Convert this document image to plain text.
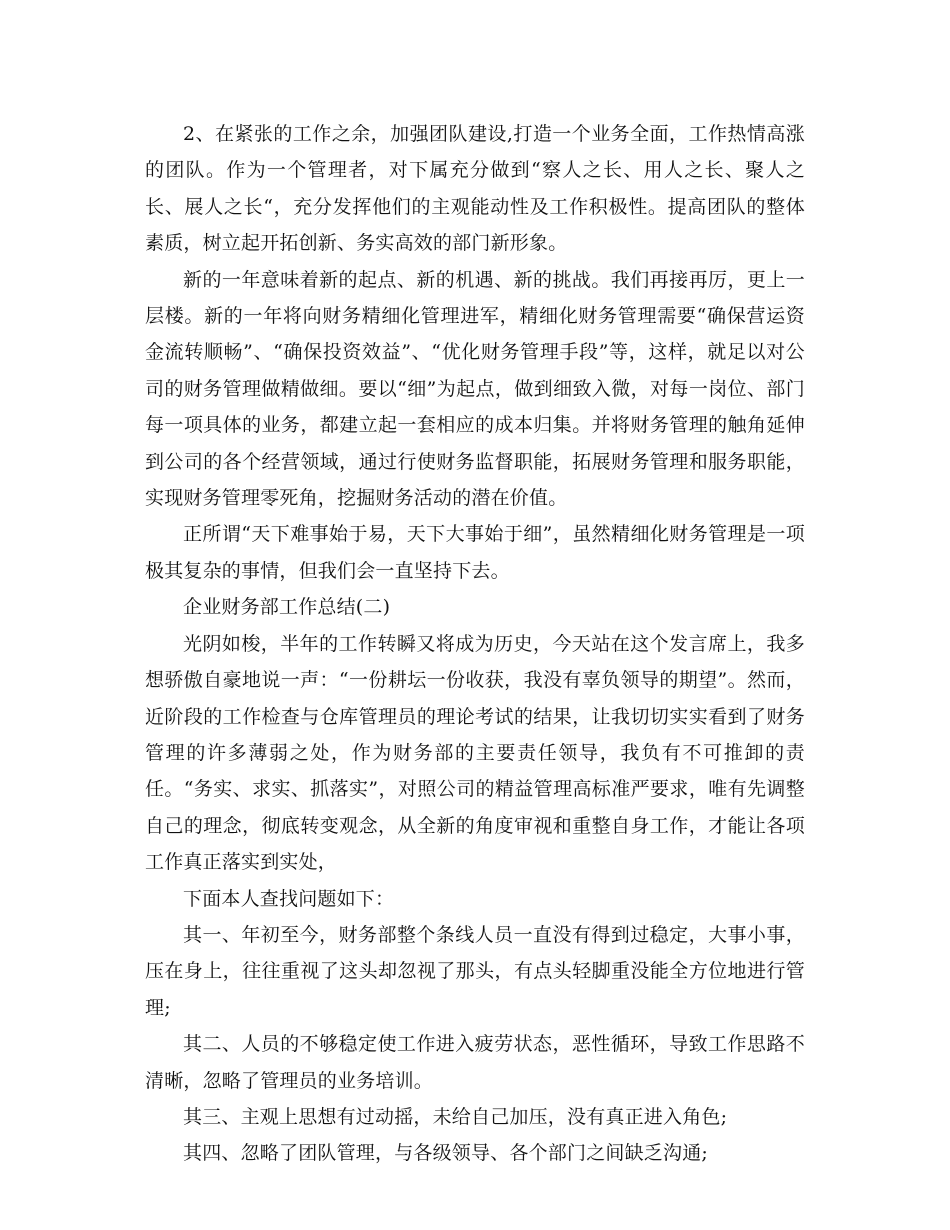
2、在紧张的工作之余，加强团队建设,打造一个业务全面，工作热情高涨的团队。作为一个管理者，对下属充分做到“察人之长、用人之长、聚人之长、展人之长“，充分发挥他们的主观能动性及工作积极性。提高团队的整体素质，树立起开拓创新、务实高效的部门新形象。

新的一年意味着新的起点、新的机遇、新的挑战。我们再接再厉，更上一层楼。新的一年将向财务精细化管理进军，精细化财务管理需要“确保营运资金流转顺畅”、“确保投资效益”、“优化财务管理手段”等，这样，就足以对公司的财务管理做精做细。要以“细”为起点，做到细致入微，对每一岗位、部门每一项具体的业务，都建立起一套相应的成本归集。并将财务管理的触角延伸到公司的各个经营领域，通过行使财务监督职能，拓展财务管理和服务职能，实现财务管理零死角，挖掘财务活动的潜在价值。

正所谓“天下难事始于易，天下大事始于细”，虽然精细化财务管理是一项极其复杂的事情，但我们会一直坚持下去。

企业财务部工作总结(二)

光阴如梭，半年的工作转瞬又将成为历史，今天站在这个发言席上，我多想骄傲自豪地说一声：“一份耕坛一份收获，我没有辜负领导的期望”。然而，近阶段的工作检查与仓库管理员的理论考试的结果，让我切切实实看到了财务管理的许多薄弱之处，作为财务部的主要责任领导，我负有不可推卸的责任。“务实、求实、抓落实”，对照公司的精益管理高标准严要求，唯有先调整自己的理念，彻底转变观念，从全新的角度审视和重整自身工作，才能让各项工作真正落实到实处，

下面本人查找问题如下：

其一、年初至今，财务部整个条线人员一直没有得到过稳定，大事小事，压在身上，往往重视了这头却忽视了那头，有点头轻脚重没能全方位地进行管理;

其二、人员的不够稳定使工作进入疲劳状态，恶性循环，导致工作思路不清晰，忽略了管理员的业务培训。

其三、主观上思想有过动摇，未给自己加压，没有真正进入角色;

其四、忽略了团队管理，与各级领导、各个部门之间缺乏沟通;
